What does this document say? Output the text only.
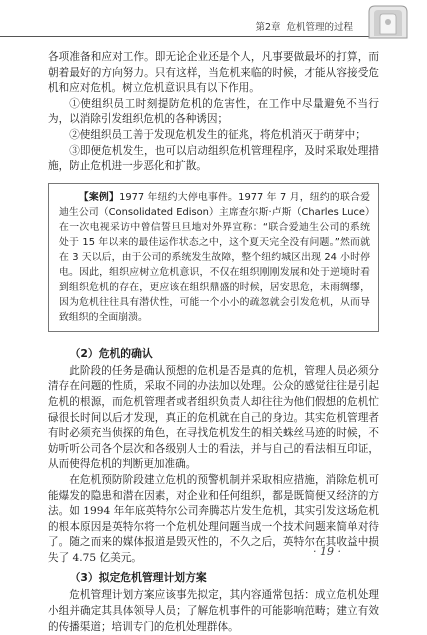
第2章 危机管理的过程

各项准备和应对工作。即无论企业还是个人，凡事要做最坏的打算，而朝着最好的方向努力。只有这样，当危机来临的时候，才能从容接受危机和应对危机。树立危机意识具有以下作用。

①使组织员工时刻提防危机的危害性，在工作中尽量避免不当行为，以消除引发组织危机的各种诱因；

②使组织员工善于发现危机发生的征兆，将危机消灭于萌芽中；

③即便危机发生，也可以启动组织危机管理程序，及时采取处理措施，防止危机进一步恶化和扩散。

【案例】1977 年纽约大停电事件。1977 年 7 月，纽约的联合爱迪生公司（Consolidated Edison）主席查尔斯·卢斯（Charles Luce）在一次电视采访中曾信誓旦旦地对外界宣称：“联合爱迪生公司的系统处于 15 年以来的最佳运作状态之中，这个夏天完全没有问题。”然而就在 3 天以后，由于公司的系统发生故障，整个纽约城区出现 24 小时停电。因此，组织应树立危机意识，不仅在组织刚刚发展和处于逆境时看到组织危机的存在，更应该在组织鼎盛的时候，居安思危，未雨绸缪，因为危机往往具有潜伏性，可能一个小小的疏忽就会引发危机，从而导致组织的全面崩溃。

（2）危机的确认

此阶段的任务是确认预想的危机是否是真的危机，管理人员必须分清存在问题的性质，采取不同的办法加以处理。公众的感觉往往是引起危机的根源，而危机管理者或者组织负责人却往往为他们假想的危机忙碌很长时间以后才发现，真正的危机就在自己的身边。其实危机管理者有时必须充当侦探的角色，在寻找危机发生的相关蛛丝马迹的时候，不妨听听公司各个层次和各级别人士的看法，并与自己的看法相互印证，从而使得危机的判断更加准确。

在危机预防阶段建立危机的预警机制并采取相应措施，消除危机可能爆发的隐患和潜在因素，对企业和任何组织，都是既简便又经济的方法。如 1994 年年底英特尔公司奔腾芯片发生危机，其实引发这场危机的根本原因是英特尔将一个危机处理问题当成一个技术问题来简单对待了。随之而来的媒体报道是毁灭性的，不久之后，英特尔在其收益中损失了 4.75 亿美元。

（3）拟定危机管理计划方案

危机管理计划方案应该事先拟定，其内容通常包括：成立危机处理小组并确定其具体领导人员；了解危机事件的可能影响范畴；建立有效的传播渠道；培训专门的危机处理群体。

· 19 ·
